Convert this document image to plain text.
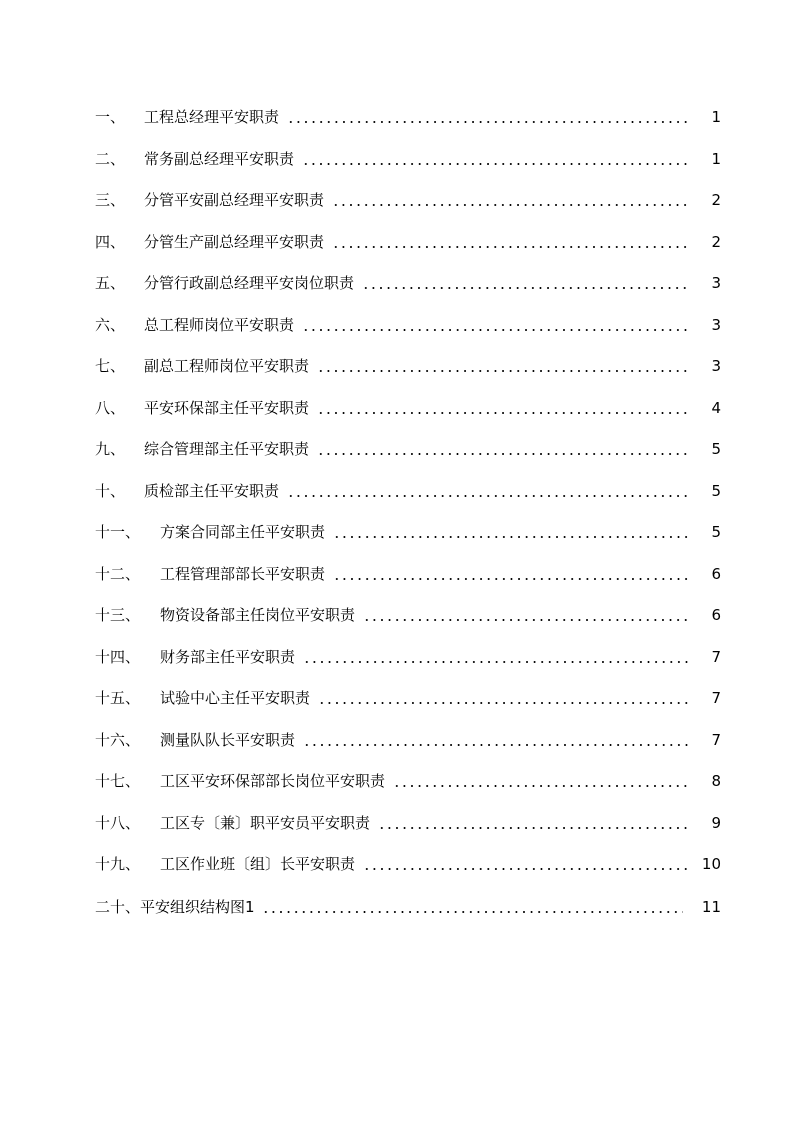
一、 工程总经理平安职责	1
二、 常务副总经理平安职责	1
三、 分管平安副总经理平安职责	2
四、 分管生产副总经理平安职责	2
五、 分管行政副总经理平安岗位职责	3
六、 总工程师岗位平安职责	3
七、 副总工程师岗位平安职责	3
八、 平安环保部主任平安职责	4
九、 综合管理部主任平安职责	5
十、 质检部主任平安职责	5
十一、 方案合同部主任平安职责	5
十二、 工程管理部部长平安职责	6
十三、 物资设备部主任岗位平安职责	6
十四、 财务部主任平安职责	7
十五、 试验中心主任平安职责	7
十六、 测量队队长平安职责	7
十七、 工区平安环保部部长岗位平安职责	8
十八、 工区专〔兼〕职平安员平安职责	9
十九、 工区作业班〔组〕长平安职责	10
二十、 平安组织结构图1	11
